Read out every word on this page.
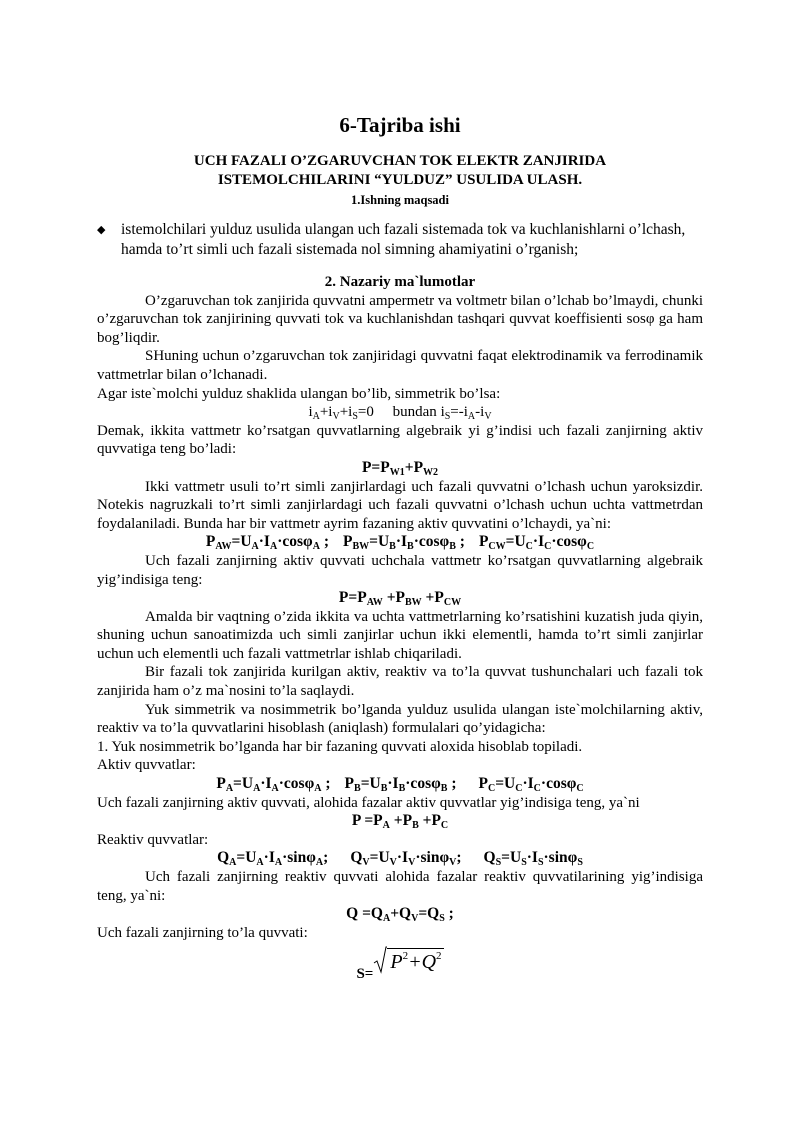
6-Tajriba ishi
UCH FAZALI O’ZGARUVCHAN TOK ELEKTR ZANJIRIDA
ISTEMOLCHILARINI “YULDUZ” USULIDA ULASH.
1.Ishning maqsadi
◆ istemolchilari yulduz usulida ulangan uch fazali sistemada tok va kuchlanishlarni o’lchash, hamda to’rt simli uch fazali sistemada nol simning ahamiyatini o’rganish;
2. Nazariy ma`lumotlar
O’zgaruvchan tok zanjirida quvvatni ampermetr va voltmetr bilan o’lchab bo’lmaydi, chunki o’zgaruvchan tok zanjirining quvvati tok va kuchlanishdan tashqari quvvat koeffisienti sosφ ga ham bog’liqdir.
SHuning uchun o’zgaruvchan tok zanjiridagi quvvatni faqat elektrodinamik va ferrodinamik vattmetrlar bilan o’lchanadi.
Agar iste`molchi yulduz shaklida ulangan bo’lib, simmetrik bo’lsa:
$i_A+i_V+i_S=0$     bundan $i_S=-i_A-i_V$
Demak, ikkita vattmetr ko’rsatgan quvvatlarning algebraik yi g’indisi uch fazali zanjirning aktiv quvvatiga teng bo’ladi:
$P=P_{W1}+P_{W2}$
Ikki vattmetr usuli to’rt simli zanjirlardagi uch fazali quvvatni o’lchash uchun yaroksizdir. Notekis nagruzkali to’rt simli zanjirlardagi uch fazali quvvatni o’lchash uchun uchta vattmetrdan foydalaniladi. Bunda har bir vattmetr ayrim fazaning aktiv quvvatini o’lchaydi, ya`ni:
$P_{AW}=U_A\cdot I_A\cdot\cos\varphi_A$ ; $P_{BW}=U_B\cdot I_B\cdot\cos\varphi_B$ ; $P_{CW}=U_C\cdot I_C\cdot\cos\varphi_C$
Uch fazali zanjirning aktiv quvvati uchchala vattmetr ko’rsatgan quvvatlarning algebraik yig’indisiga teng:
$P=P_{AW} +P_{BW} +P_{CW}$
Amalda bir vaqtning o’zida ikkita va uchta vattmetrlarning ko’rsatishini kuzatish juda qiyin, shuning uchun sanoatimizda uch simli zanjirlar uchun ikki elementli, hamda to’rt simli zanjirlar uchun uch elementli uch fazali vattmetrlar ishlab chiqariladi.
Bir fazali tok zanjirida kurilgan aktiv, reaktiv va to’la quvvat tushunchalari uch fazali tok zanjirida ham o’z ma`nosini to’la saqlaydi.
Yuk simmetrik va nosimmetrik bo’lganda yulduz usulida ulangan iste`molchilarning aktiv, reaktiv va to’la quvvatlarini hisoblash (aniqlash) formulalari qo’yidagicha:
1. Yuk nosimmetrik bo’lganda har bir fazaning quvvati aloxida hisoblab topiladi.
Aktiv quvvatlar:
$P_A=U_A\cdot I_A\cdot\cos\varphi_A$ ; $P_B=U_B\cdot I_B\cdot\cos\varphi_B$ ; $P_C=U_C\cdot I_C\cdot\cos\varphi_C$
Uch fazali zanjirning aktiv quvvati, alohida fazalar aktiv quvvatlar yig’indisiga teng, ya`ni
$P =P_A +P_B +P_C$
Reaktiv quvvatlar:
$Q_A=U_A\cdot I_A\cdot\sin\varphi_A$; $Q_V=U_V\cdot I_V\cdot\sin\varphi_V$; $Q_S=U_S\cdot I_S\cdot\sin\varphi_S$
Uch fazali zanjirning reaktiv quvvati alohida fazalar reaktiv quvvatilarining yig’indisiga teng, ya`ni:
$Q =Q_A+Q_V=Q_S$ ;
Uch fazali zanjirning to’la quvvati:
S=
$P^2+Q^2$
